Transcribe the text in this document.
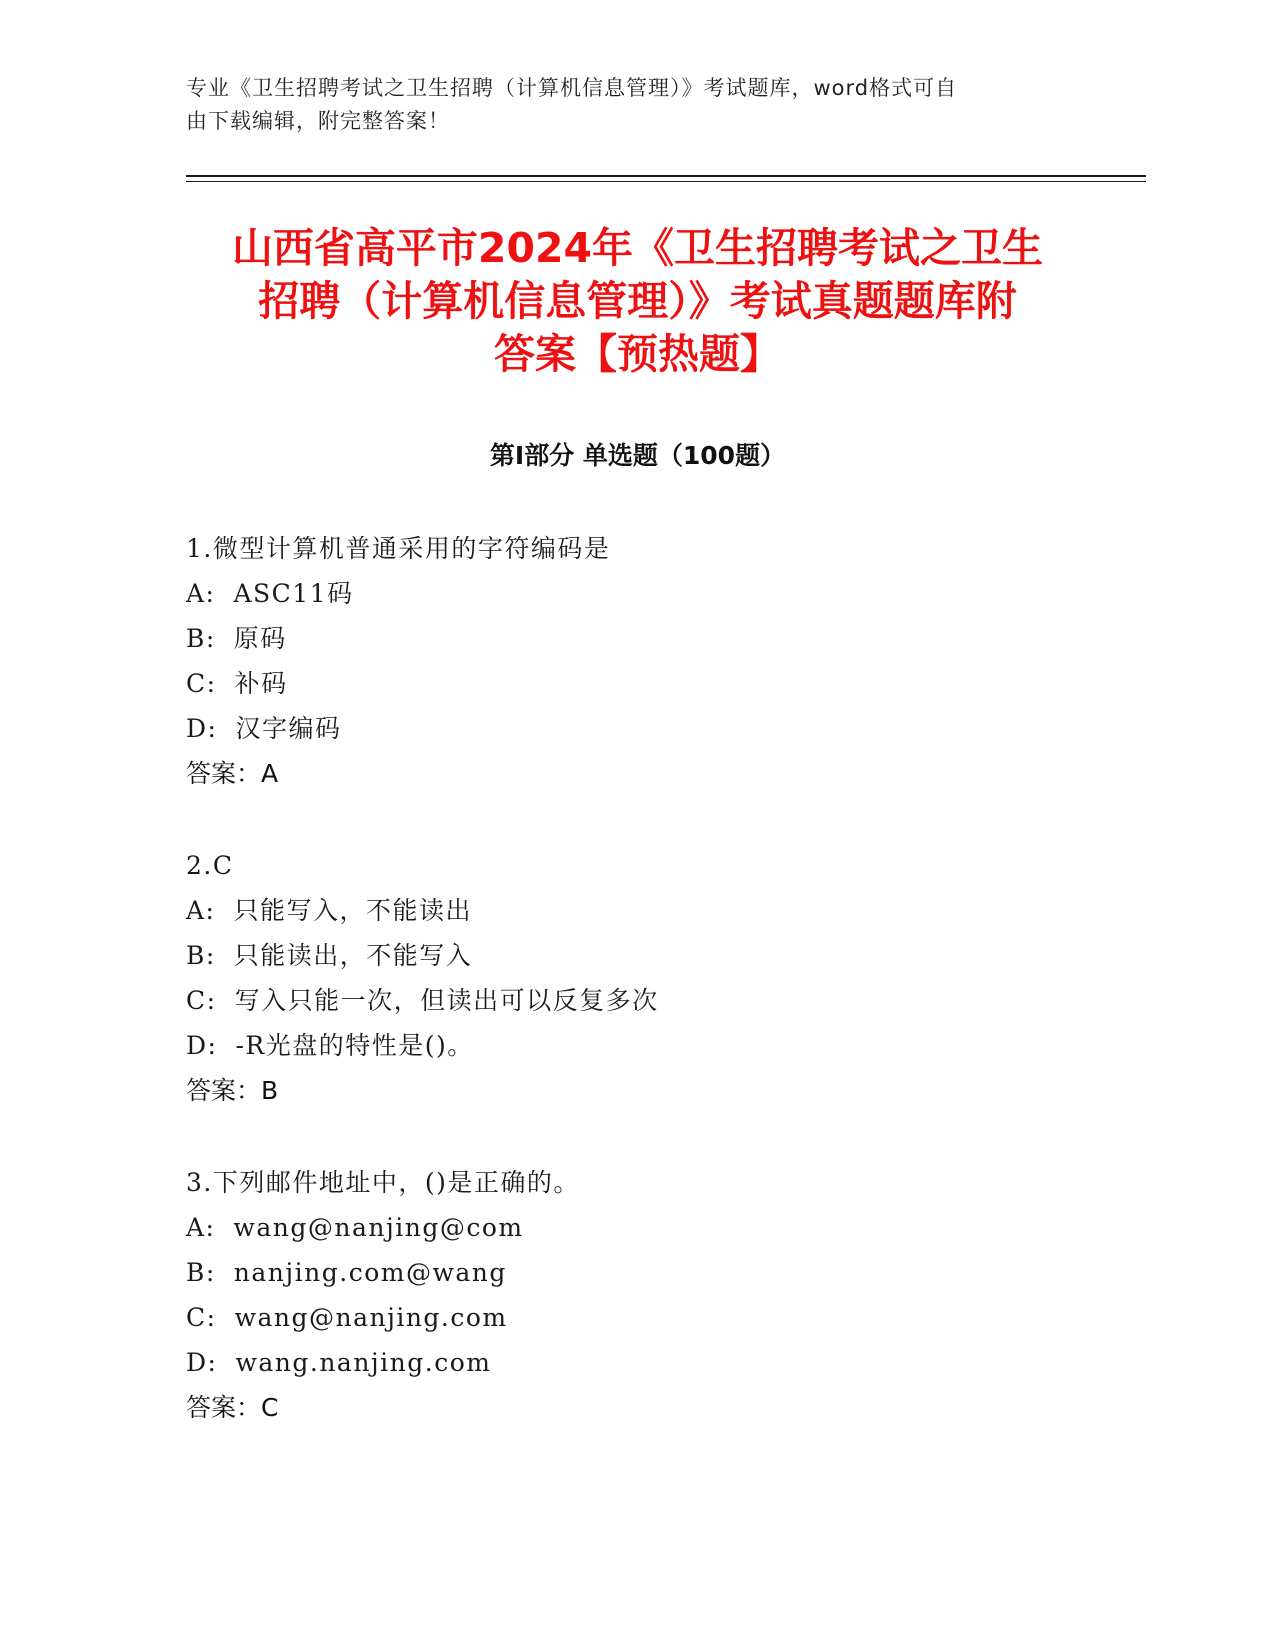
专业《卫生招聘考试之卫生招聘（计算机信息管理）》考试题库，word格式可自
由下载编辑，附完整答案！
山西省高平市2024年《卫生招聘考试之卫生
招聘（计算机信息管理）》考试真题题库附
答案【预热题】
第Ⅰ部分 单选题（100题）
1.微型计算机普通采用的字符编码是
A: ASC11码
B: 原码
C: 补码
D: 汉字编码
答案：A
2.C
A: 只能写入，不能读出
B: 只能读出，不能写入
C: 写入只能一次，但读出可以反复多次
D: -R光盘的特性是()。
答案：B
3.下列邮件地址中，()是正确的。
A: wang@nanjing@com
B: nanjing.com@wang
C: wang@nanjing.com
D: wang.nanjing.com
答案：C
